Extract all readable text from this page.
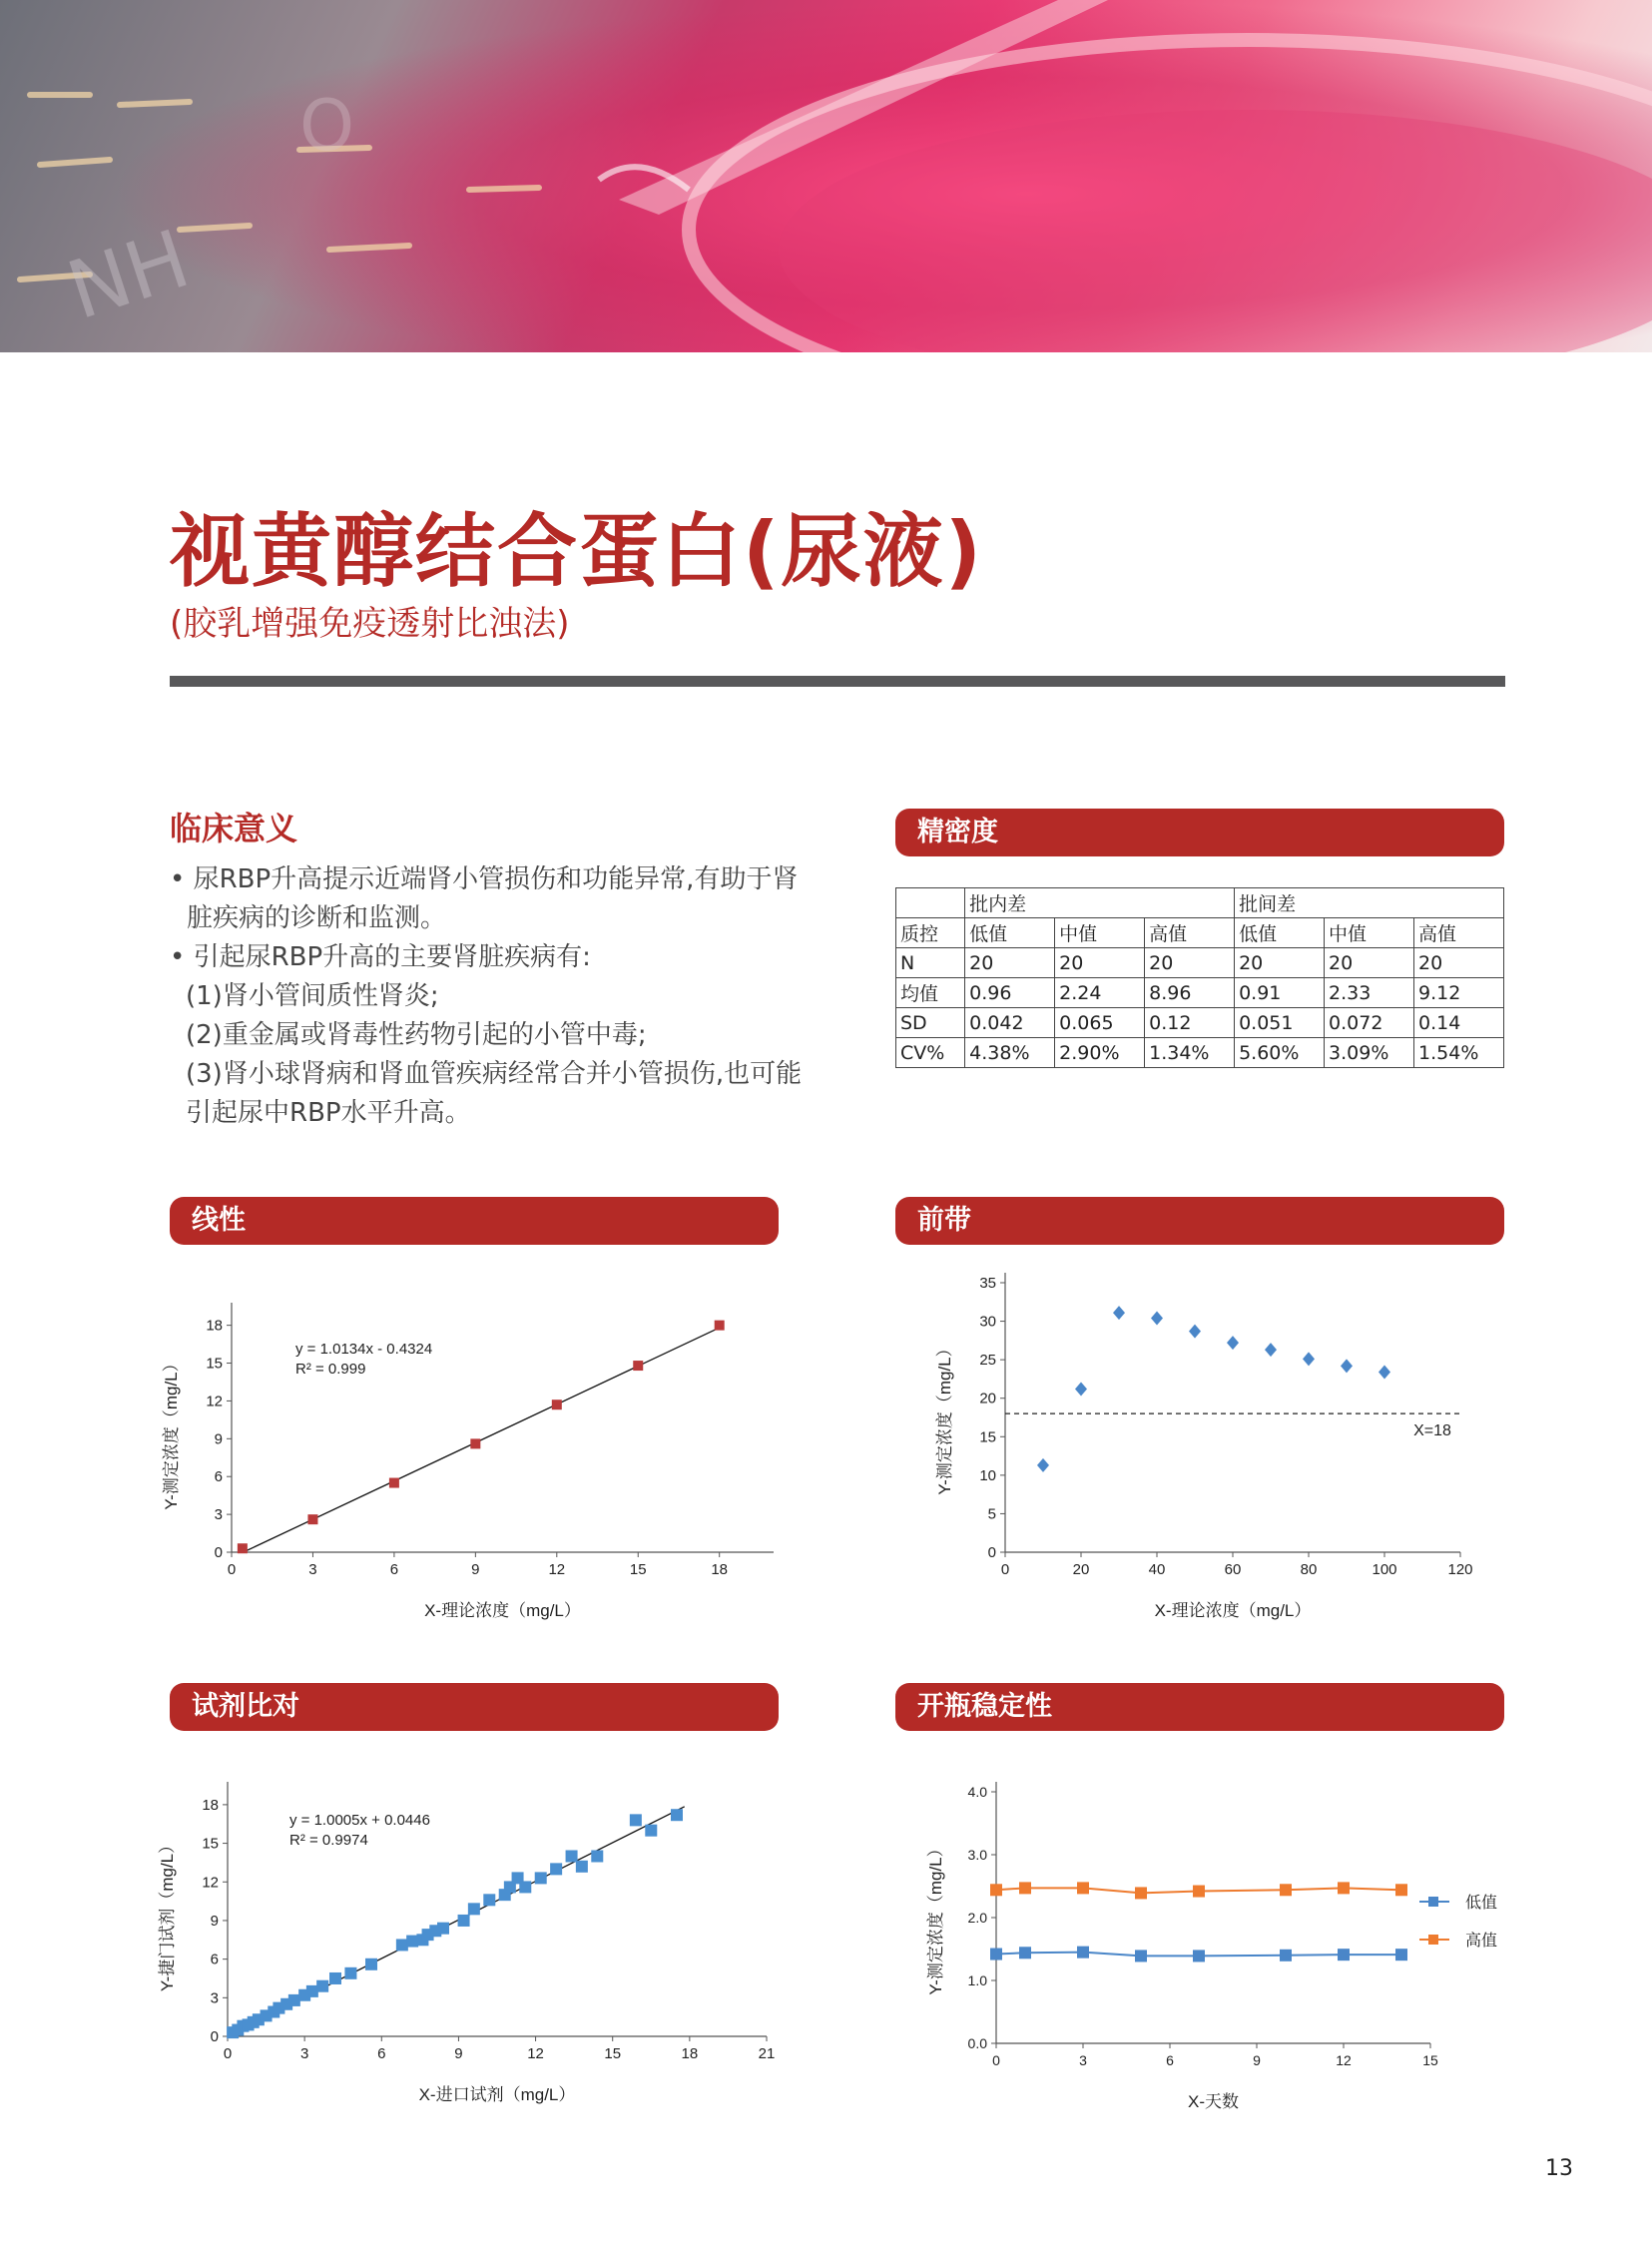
NH
O
视黄醇结合蛋白(尿液)
(胶乳增强免疫透射比浊法)
临床意义
• 尿RBP升高提示近端肾小管损伤和功能异常,有助于肾脏疾病的诊断和监测。
• 引起尿RBP升高的主要肾脏疾病有:
(1)肾小管间质性肾炎;
(2)重金属或肾毒性药物引起的小管中毒;
(3)肾小球肾病和肾血管疾病经常合并小管损伤,也可能引起尿中RBP水平升高。
精密度
	批内差			批间差		
质控	低值	中值	高值	低值	中值	高值
N	20	20	20	20	20	20
均值	0.96	2.24	8.96	0.91	2.33	9.12
SD	0.042	0.065	0.12	0.051	0.072	0.14
CV%	4.38%	2.90%	1.34%	5.60%	3.09%	1.54%
线性	前带
试剂比对	开瓶稳定性
0	3	6	9	12	15	18
0
3
6
9
12
15
18
X-理论浓度（mg/L）
Y-测定浓度（mg/L）
y = 1.0134x - 0.4324
R² = 0.999
0	20	40	60	80	100	120
0
5
10
15
20
25
30
35
X-理论浓度（mg/L）
Y-测定浓度（mg/L）	X=18
0	3	6	9	12	15	18	21
0
3
6
9
12
15
18
X-进口试剂（mg/L）
Y-捷门试剂（mg/L）
y = 1.0005x + 0.0446
R² = 0.9974
0	3	6	9	12	15
0.0
1.0
2.0
3.0
4.0
X-天数
Y-测定浓度（mg/L）	低值
高值
13
